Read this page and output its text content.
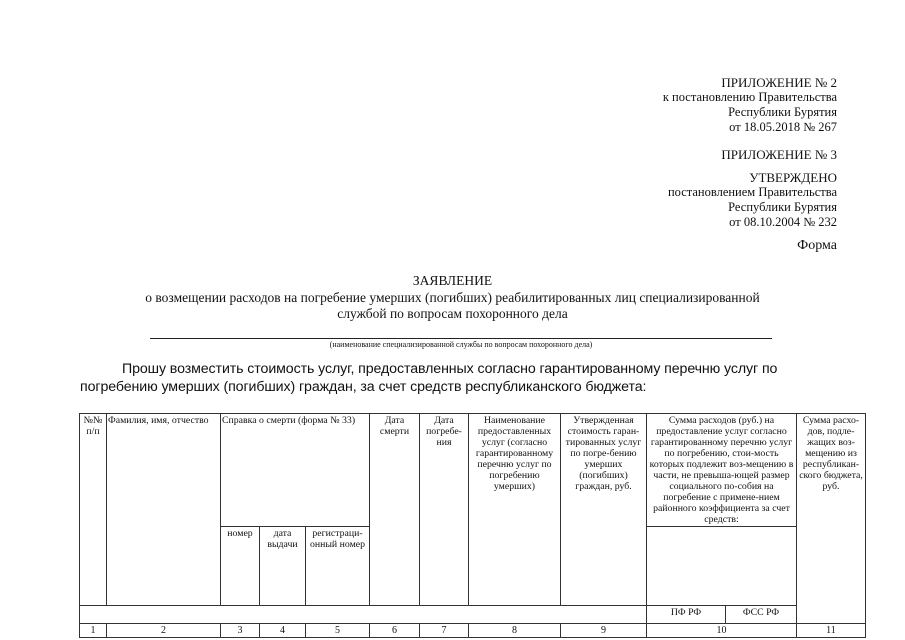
ПРИЛОЖЕНИЕ № 2
к постановлению Правительства
Республики Бурятия
от 18.05.2018 № 267
ПРИЛОЖЕНИЕ № 3
УТВЕРЖДЕНО
постановлением Правительства
Республики Бурятия
от 08.10.2004 № 232
Форма
ЗАЯВЛЕНИЕ
о возмещении расходов на погребение умерших (погибших) реабилитированных лиц специализированной
службой по вопросам похоронного дела
(наименование специализированной службы по вопросам похоронного дела)
Прошу возместить стоимость услуг, предоставленных согласно гарантированному перечню услуг по погребению умерших (погибших) граждан, за счет средств республиканского бюджета:
№№ п/п	Фамилия, имя, отчество	Справка о смерти (форма № 33)			Дата смерти	Дата погребе-ния	Наименование предоставленных услуг (согласно гарантированному перечню услуг по погребению умерших)	Утвержденная стоимость гаран-тированных услуг по погре-бению умерших (погибших) граждан, руб.	Сумма расходов (руб.) на предоставление услуг согласно гарантированному перечню услуг по погребению, стои-мость которых подлежит воз-мещению в части, не превыша-ющей размер социального по-собия на погребение с примене-нием районного коэффициента за счет средств:		Сумма расхо-дов, подле-жащих воз-мещению из республикан-ского бюджета, руб.
		номер	дата выдачи	регистраци-онный номер						
									ПФ РФ	ФСС РФ	
1	2	3	4	5	6	7	8	9	10		11
